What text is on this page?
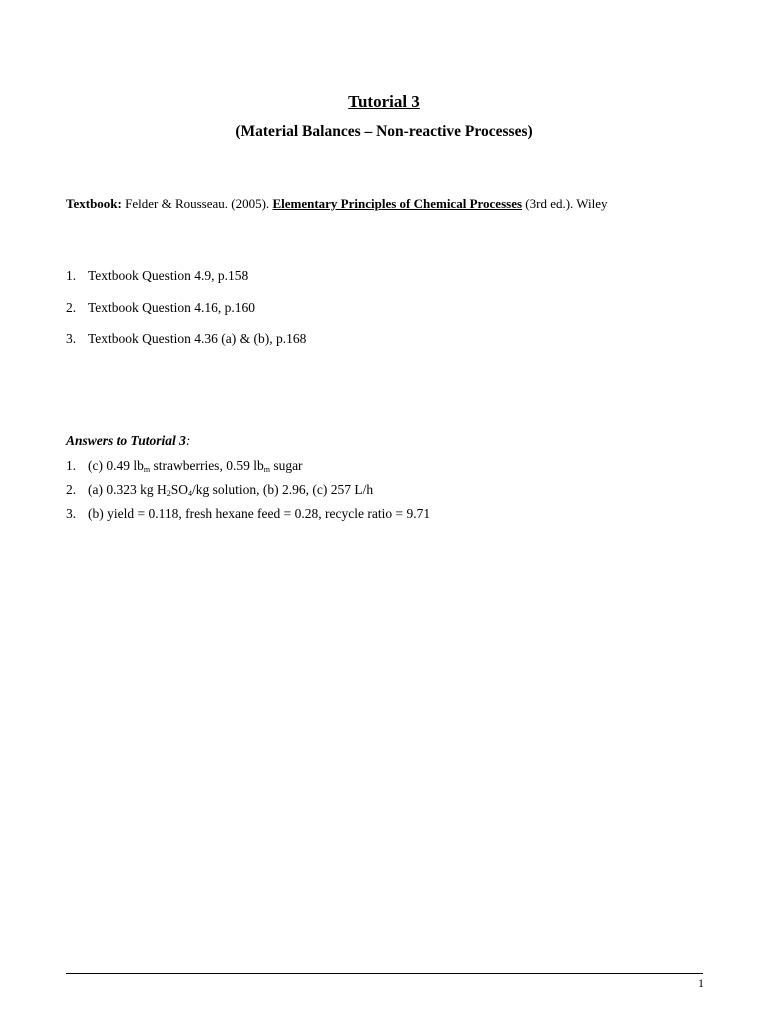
Tutorial 3
(Material Balances – Non-reactive Processes)
Textbook: Felder & Rousseau. (2005). Elementary Principles of Chemical Processes (3rd ed.). Wiley
1. Textbook Question 4.9, p.158
2. Textbook Question 4.16, p.160
3. Textbook Question 4.36 (a) & (b), p.168
Answers to Tutorial 3:
1. (c) 0.49 $lb_m$ strawberries, 0.59 $lb_m$ sugar
2. (a) 0.323 kg $H_2SO_4/kg$ solution, (b) 2.96, (c) 257 L/h
3. (b) yield = 0.118, fresh hexane feed = 0.28, recycle ratio = 9.71
1
